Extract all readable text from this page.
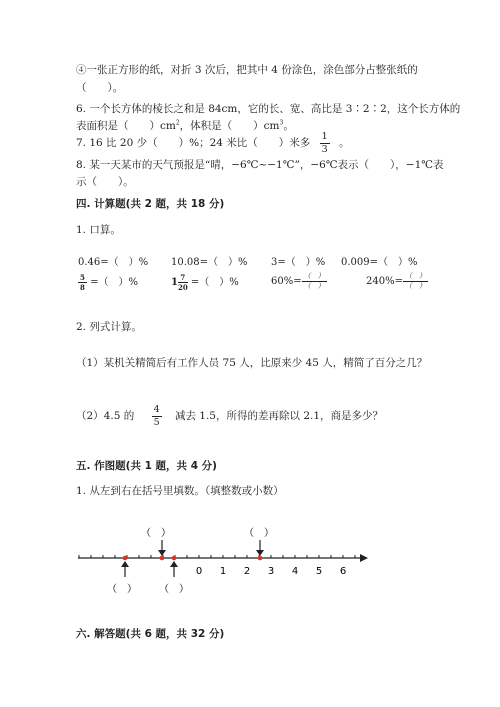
④一张正方形的纸，对折 3 次后，把其中 4 份涂色，涂色部分占整张纸的
（　　）。
6. 一个长方体的棱长之和是 84cm，它的长、宽、高比是 3∶2∶2，这个长方体的
表面积是（　　）$cm^2$，体积是（　　）$cm^3$。
7. 16 比 20 少（　　）%；24 米比（　　）米多 $\frac{1}{3}$ 。
8. 某一天某市的天气预报是“晴，−6℃~−1℃”，−6℃表示（　　），−1℃表
示（　　）。
四. 计算题(共 2 题，共 18 分)
1. 口算。
0.46=（　）% 10.08=（　）% 3=（　）% 0.009=（　）%
$\frac{5}{8}$ =（　）%	$1 \frac{7}{20}$ =（　）%	$60\%= \frac{( )}{( )}$	$240\%= \frac{( )}{( )}$
2. 列式计算。
（1）某机关精简后有工作人员 75 人，比原来少 45 人，精简了百分之几？
（2）4.5 的 $\frac{4}{5}$ 减去 1.5，所得的差再除以 2.1，商是多少？
五. 作图题(共 1 题，共 4 分)
1. 从左到右在括号里填数。（填整数或小数）
（　）	（　）
0 1 2 3 4 5 6
（　） （　）
六. 解答题(共 6 题，共 32 分)
